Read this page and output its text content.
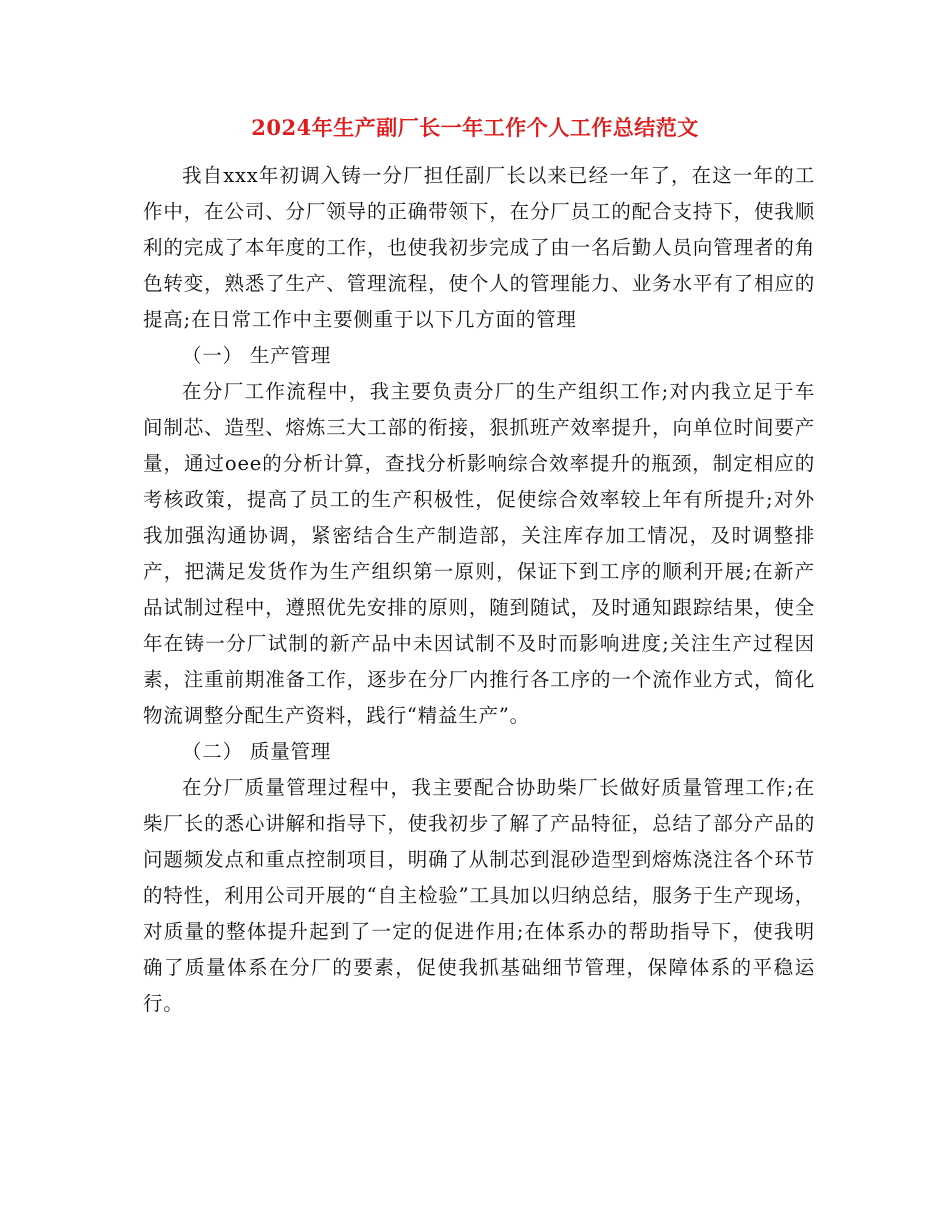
2024年生产副厂长一年工作个人工作总结范文

我自xxx年初调入铸一分厂担任副厂长以来已经一年了，在这一年的工作中，在公司、分厂领导的正确带领下，在分厂员工的配合支持下，使我顺利的完成了本年度的工作，也使我初步完成了由一名后勤人员向管理者的角色转变，熟悉了生产、管理流程，使个人的管理能力、业务水平有了相应的提高;在日常工作中主要侧重于以下几方面的管理

（一） 生产管理

在分厂工作流程中，我主要负责分厂的生产组织工作;对内我立足于车间制芯、造型、熔炼三大工部的衔接，狠抓班产效率提升，向单位时间要产量，通过oee的分析计算，查找分析影响综合效率提升的瓶颈，制定相应的考核政策，提高了员工的生产积极性，促使综合效率较上年有所提升;对外我加强沟通协调，紧密结合生产制造部，关注库存加工情况，及时调整排产，把满足发货作为生产组织第一原则，保证下到工序的顺利开展;在新产品试制过程中，遵照优先安排的原则，随到随试，及时通知跟踪结果，使全年在铸一分厂试制的新产品中未因试制不及时而影响进度;关注生产过程因素，注重前期准备工作，逐步在分厂内推行各工序的一个流作业方式，简化物流调整分配生产资料，践行“精益生产”。

（二） 质量管理

在分厂质量管理过程中，我主要配合协助柴厂长做好质量管理工作;在柴厂长的悉心讲解和指导下，使我初步了解了产品特征，总结了部分产品的问题频发点和重点控制项目，明确了从制芯到混砂造型到熔炼浇注各个环节的特性，利用公司开展的“自主检验”工具加以归纳总结，服务于生产现场，对质量的整体提升起到了一定的促进作用;在体系办的帮助指导下，使我明确了质量体系在分厂的要素，促使我抓基础细节管理，保障体系的平稳运行。
